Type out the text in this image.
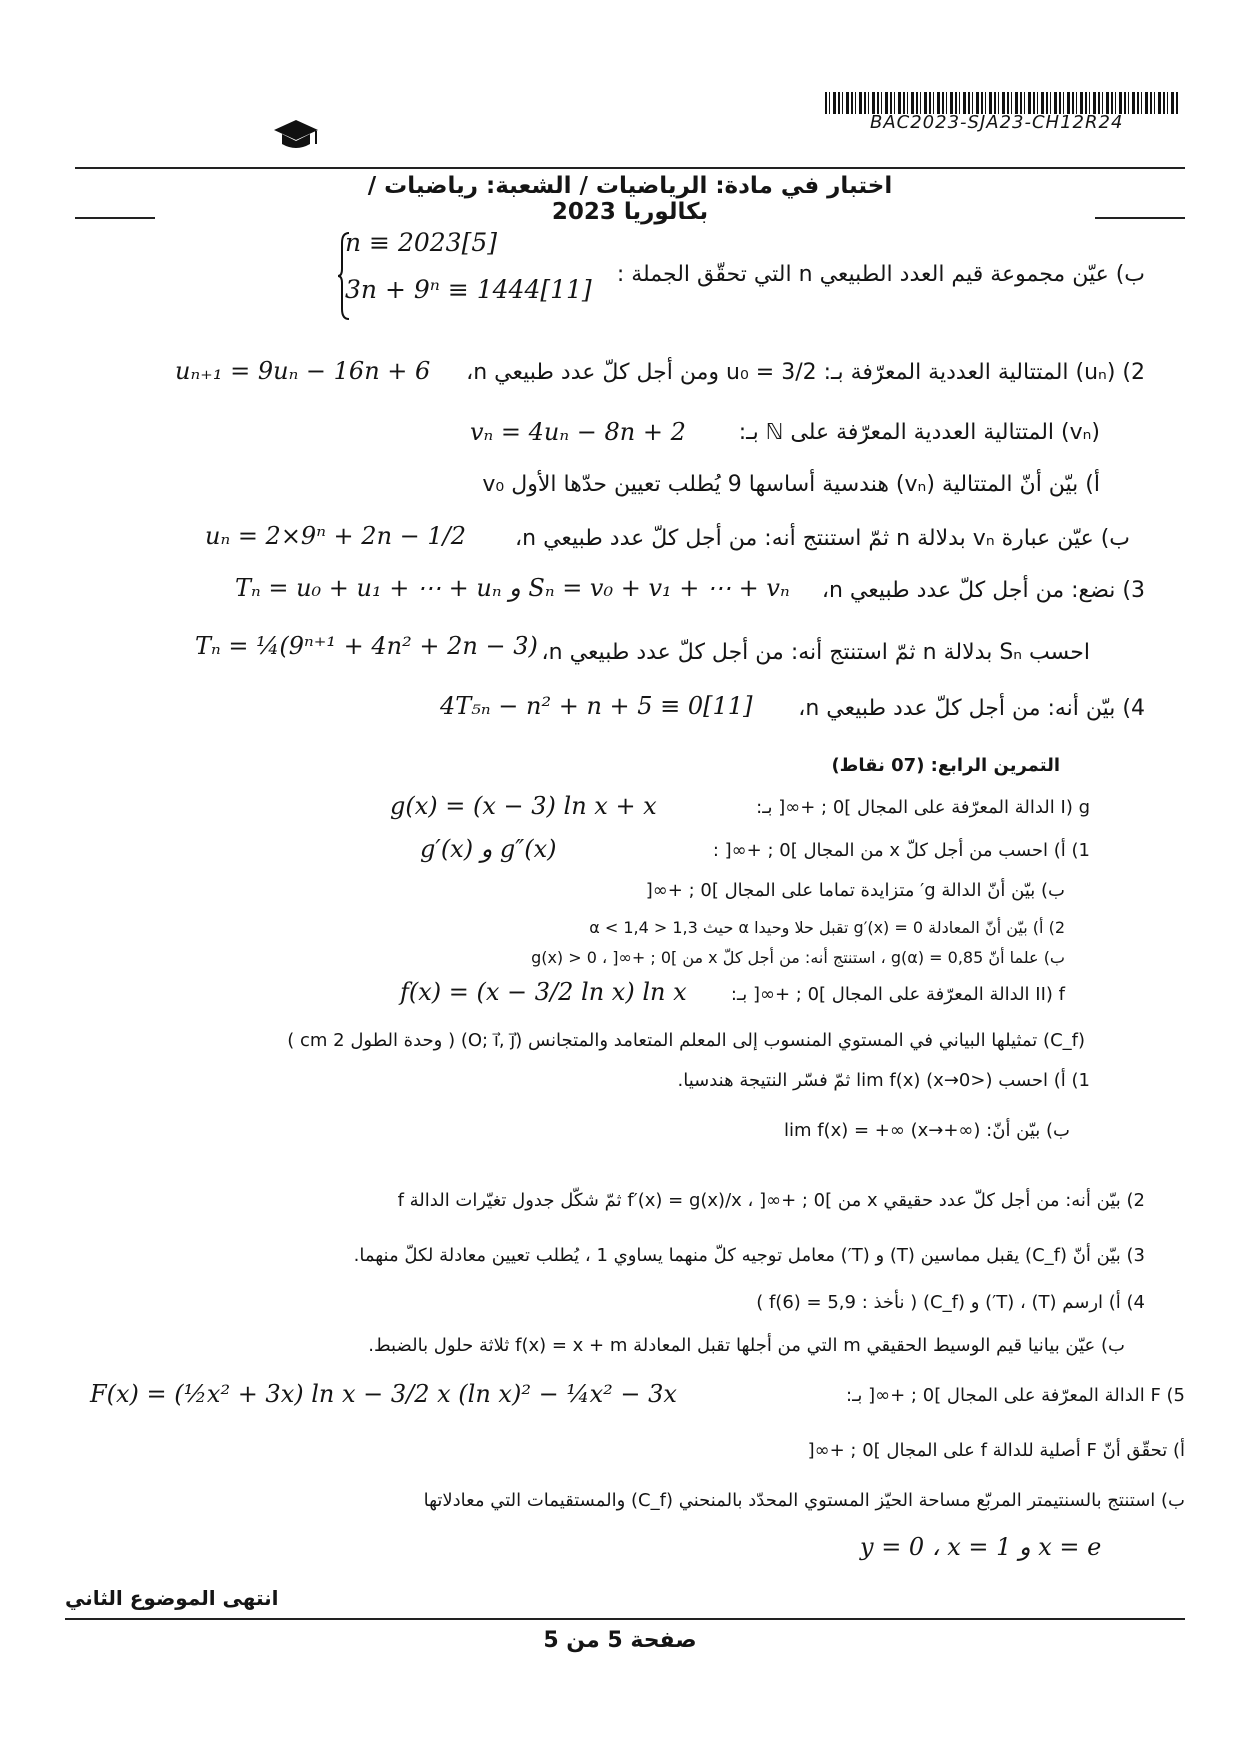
BAC2023-SJA23-CH12R24
اختبار في مادة: الرياضيات / الشعبة: رياضيات / بكالوريا 2023
n ≡ 2023[5]
3n + 9ⁿ ≡ 1444[11]
ب) عيّن مجموعة قيم العدد الطبيعي n التي تحقّق الجملة :
uₙ₊₁ = 9uₙ − 16n + 6 2) (uₙ) المتتالية العددية المعرّفة بـ: u₀ = 3/2 ومن أجل كلّ عدد طبيعي n،
vₙ = 4uₙ − 8n + 2 (vₙ) المتتالية العددية المعرّفة على ℕ بـ:
أ) بيّن أنّ المتتالية (vₙ) هندسية أساسها 9 يُطلب تعيين حدّها الأول v₀
uₙ = 2×9ⁿ + 2n − 1/2 ب) عيّن عبارة vₙ بدلالة n ثمّ استنتج أنه: من أجل كلّ عدد طبيعي n،
Tₙ = u₀ + u₁ + ⋯ + uₙ و Sₙ = v₀ + v₁ + ⋯ + vₙ 3) نضع: من أجل كلّ عدد طبيعي n،
Tₙ = ¼(9ⁿ⁺¹ + 4n² + 2n − 3) احسب Sₙ بدلالة n ثمّ استنتج أنه: من أجل كلّ عدد طبيعي n،
4T₅ₙ − n² + n + 5 ≡ 0[11] 4) بيّن أنه: من أجل كلّ عدد طبيعي n،
التمرين الرابع: (07 نقاط)
g(x) = (x − 3) ln x + x	I) g الدالة المعرّفة على المجال ]0 ; +∞[ بـ:
g′(x) و g″(x)	1) أ) احسب من أجل كلّ x من المجال ]0 ; +∞[ :
ب) بيّن أنّ الدالة g′ متزايدة تماما على المجال ]0 ; +∞[
2) أ) بيّن أنّ المعادلة g′(x) = 0 تقبل حلا وحيدا α حيث 1,3 < α < 1,4
ب) علما أنّ g(α) = 0,85 ، استنتج أنه: من أجل كلّ x من ]0 ; +∞[ ، g(x) > 0
f(x) = (x − 3/2 ln x) ln x II) f الدالة المعرّفة على المجال ]0 ; +∞[ بـ:
(C_f) تمثيلها البياني في المستوي المنسوب إلى المعلم المتعامد والمتجانس (O; i⃗, j⃗) ( وحدة الطول 2 cm )
1) أ) احسب lim f(x) (x→0>) ثمّ فسّر النتيجة هندسيا.
ب) بيّن أنّ: lim f(x) = +∞ (x→+∞)
2) بيّن أنه: من أجل كلّ عدد حقيقي x من ]0 ; +∞[ ، f′(x) = g(x)/x ثمّ شكّل جدول تغيّرات الدالة f
3) بيّن أنّ (C_f) يقبل مماسين (T) و (T′) معامل توجيه كلّ منهما يساوي 1 ، يُطلب تعيين معادلة لكلّ منهما.
4) أ) ارسم (T) ، (T′) و (C_f) ( نأخذ : f(6) = 5,9 )
ب) عيّن بيانيا قيم الوسيط الحقيقي m التي من أجلها تقبل المعادلة f(x) = x + m ثلاثة حلول بالضبط.
F(x) = (½x² + 3x) ln x − 3/2 x (ln x)² − ¼x² − 3x	5) F الدالة المعرّفة على المجال ]0 ; +∞[ بـ:
أ) تحقّق أنّ F أصلية للدالة f على المجال ]0 ; +∞[
ب) استنتج بالسنتيمتر المربّع مساحة الحيّز المستوي المحدّد بالمنحني (C_f) والمستقيمات التي معادلاتها
y = 0 ، x = 1 و x = e
انتهى الموضوع الثاني
صفحة 5 من 5
